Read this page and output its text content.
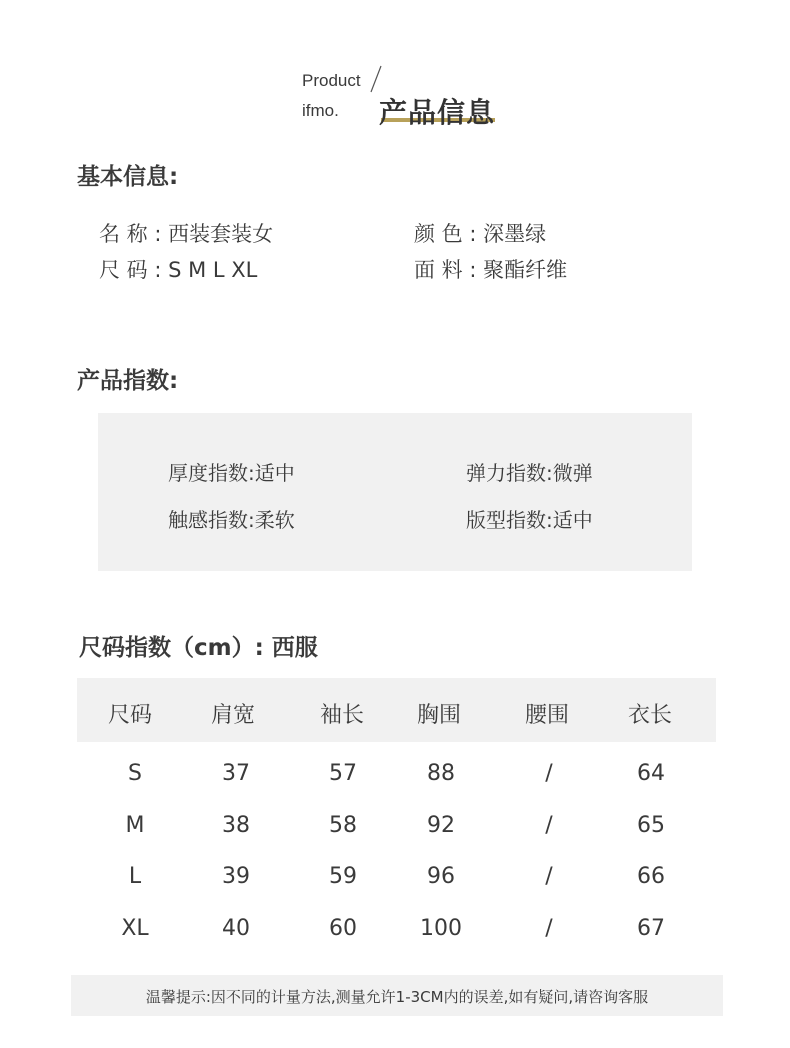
Product
ifmo. 产品信息
基本信息:
名 称 : 西装套装女	颜 色 : 深墨绿
尺 码 : S M L XL	面 料 : 聚酯纤维
产品指数:
厚度指数:适中	弹力指数:微弹
触感指数:柔软	版型指数:适中
尺码指数（cm）: 西服
尺码	肩宽	袖长	胸围	腰围	衣长
S	37	57	88	/	64
M	38	58	92	/	65
L	39	59	96	/	66
XL	40	60	100	/	67
温馨提示:因不同的计量方法,测量允许1-3CM内的误差,如有疑问,请咨询客服
